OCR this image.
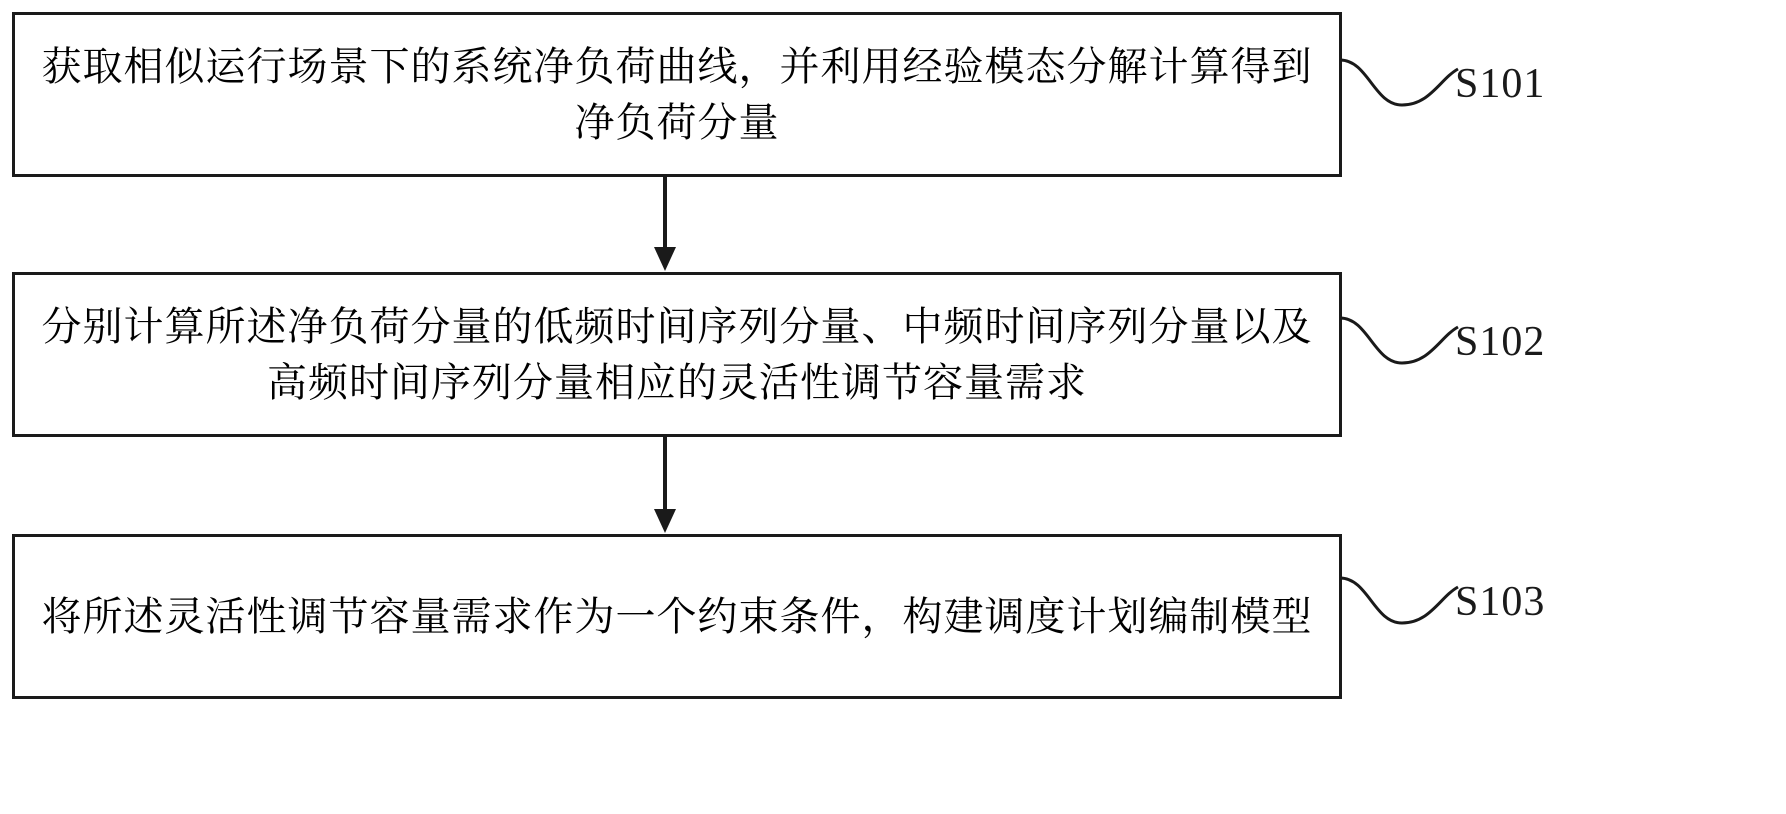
获取相似运行场景下的系统净负荷曲线，并利用经验模态分解计算得到净负荷分量
S101
分别计算所述净负荷分量的低频时间序列分量、中频时间序列分量以及高频时间序列分量相应的灵活性调节容量需求
S102
将所述灵活性调节容量需求作为一个约束条件，构建调度计划编制模型	S103
